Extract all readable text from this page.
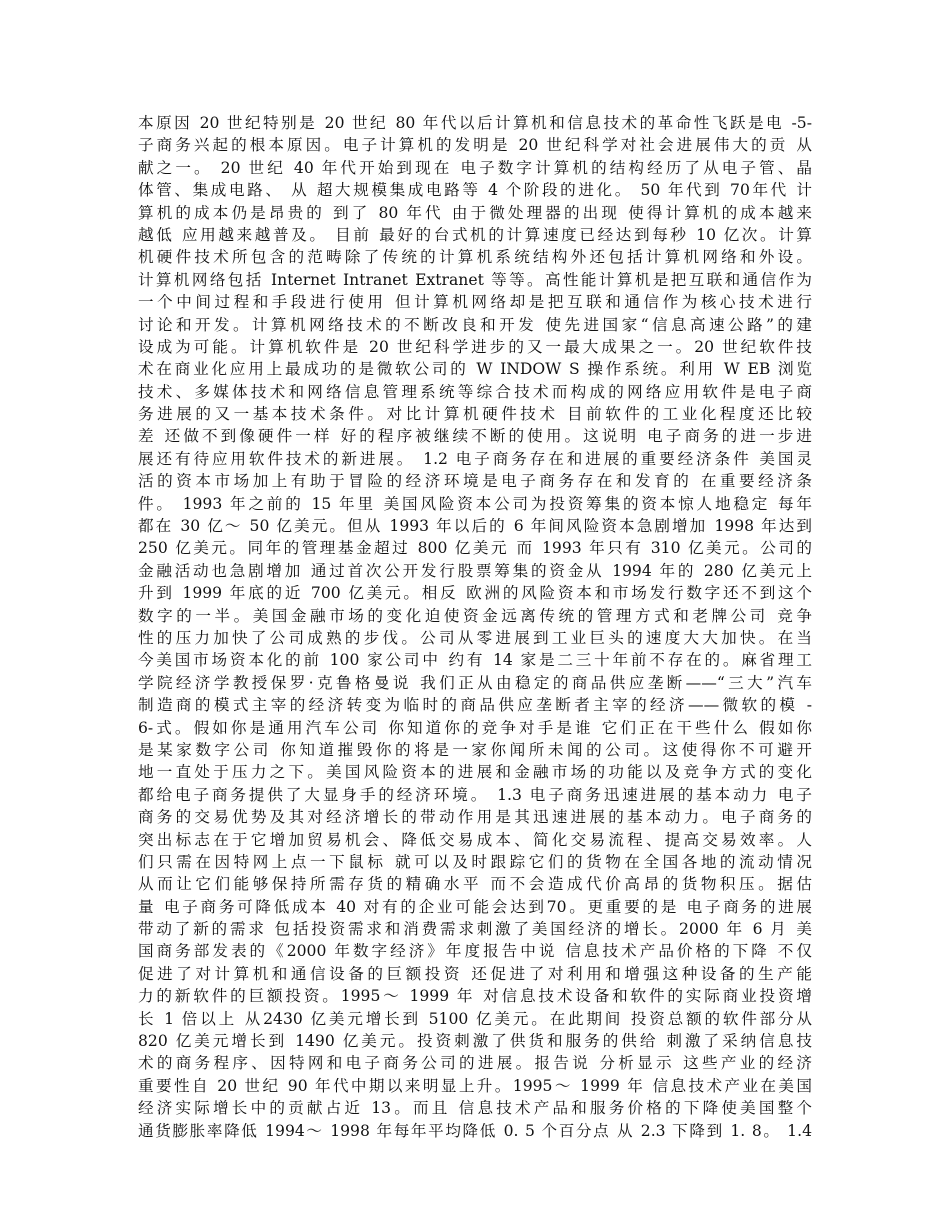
本原因 20 世纪特别是 20 世纪 80 年代以后计算机和信息技术的革命性飞跃是电 -5-
子商务兴起的根本原因。电子计算机的发明是 20 世纪科学对社会进展伟大的贡 从
献之一。 20 世纪 40 年代开始到现在 电子数字计算机的结构经历了从电子管、晶
体管、集成电路、 从 超大规模集成电路等 4 个阶段的进化。 50 年代到 70年代 计
算机的成本仍是昂贵的 到了 80 年代 由于微处理器的出现 使得计算机的成本越来
越低 应用越来越普及。 目前 最好的台式机的计算速度已经达到每秒 10 亿次。计算
机硬件技术所包含的范畴除了传统的计算机系统结构外还包括计算机网络和外设。
计算机网络包括 Internet Intranet Extranet 等等。高性能计算机是把互联和通信作为
一个中间过程和手段进行使用 但计算机网络却是把互联和通信作为核心技术进行
讨论和开发。计算机网络技术的不断改良和开发 使先进国家“信息高速公路”的建
设成为可能。计算机软件是 20 世纪科学进步的又一最大成果之一。20 世纪软件技
术在商业化应用上最成功的是微软公司的 W INDOW S 操作系统。利用 W EB 浏览
技术、多媒体技术和网络信息管理系统等综合技术而构成的网络应用软件是电子商
务进展的又一基本技术条件。对比计算机硬件技术 目前软件的工业化程度还比较
差 还做不到像硬件一样 好的程序被继续不断的使用。这说明 电子商务的进一步进
展还有待应用软件技术的新进展。 1.2 电子商务存在和进展的重要经济条件 美国灵
活的资本市场加上有助于冒险的经济环境是电子商务存在和发育的 在重要经济条
件。 1993 年之前的 15 年里 美国风险资本公司为投资筹集的资本惊人地稳定 每年
都在 30 亿～ 50 亿美元。但从 1993 年以后的 6 年间风险资本急剧增加 1998 年达到
250 亿美元。同年的管理基金超过 800 亿美元 而 1993 年只有 310 亿美元。公司的
金融活动也急剧增加 通过首次公开发行股票筹集的资金从 1994 年的 280 亿美元上
升到 1999 年底的近 700 亿美元。相反 欧洲的风险资本和市场发行数字还不到这个
数字的一半。美国金融市场的变化迫使资金远离传统的管理方式和老牌公司 竞争
性的压力加快了公司成熟的步伐。公司从零进展到工业巨头的速度大大加快。在当
今美国市场资本化的前 100 家公司中 约有 14 家是二三十年前不存在的。麻省理工
学院经济学教授保罗·克鲁格曼说 我们正从由稳定的商品供应垄断——“三大”汽车
制造商的模式主宰的经济转变为临时的商品供应垄断者主宰的经济——微软的模 -
6-式。假如你是通用汽车公司 你知道你的竞争对手是谁 它们正在干些什么 假如你
是某家数字公司 你知道摧毁你的将是一家你闻所未闻的公司。这使得你不可避开
地一直处于压力之下。美国风险资本的进展和金融市场的功能以及竞争方式的变化
都给电子商务提供了大显身手的经济环境。 1.3 电子商务迅速进展的基本动力 电子
商务的交易优势及其对经济增长的带动作用是其迅速进展的基本动力。电子商务的
突出标志在于它增加贸易机会、降低交易成本、简化交易流程、提高交易效率。人
们只需在因特网上点一下鼠标 就可以及时跟踪它们的货物在全国各地的流动情况
从而让它们能够保持所需存货的精确水平 而不会造成代价高昂的货物积压。据估
量 电子商务可降低成本 40 对有的企业可能会达到70。更重要的是 电子商务的进展
带动了新的需求 包括投资需求和消费需求刺激了美国经济的增长。2000 年 6 月 美
国商务部发表的《2000 年数字经济》年度报告中说 信息技术产品价格的下降 不仅
促进了对计算机和通信设备的巨额投资 还促进了对利用和增强这种设备的生产能
力的新软件的巨额投资。1995～ 1999 年 对信息技术设备和软件的实际商业投资增
长 1 倍以上 从2430 亿美元增长到 5100 亿美元。在此期间 投资总额的软件部分从
820 亿美元增长到 1490 亿美元。投资刺激了供货和服务的供给 刺激了采纳信息技
术的商务程序、因特网和电子商务公司的进展。报告说 分析显示 这些产业的经济
重要性自 20 世纪 90 年代中期以来明显上升。1995～ 1999 年 信息技术产业在美国
经济实际增长中的贡献占近 13。而且 信息技术产品和服务价格的下降使美国整个
通货膨胀率降低 1994～ 1998 年每年平均降低 0. 5 个百分点 从 2.3 下降到 1. 8。 1.4
